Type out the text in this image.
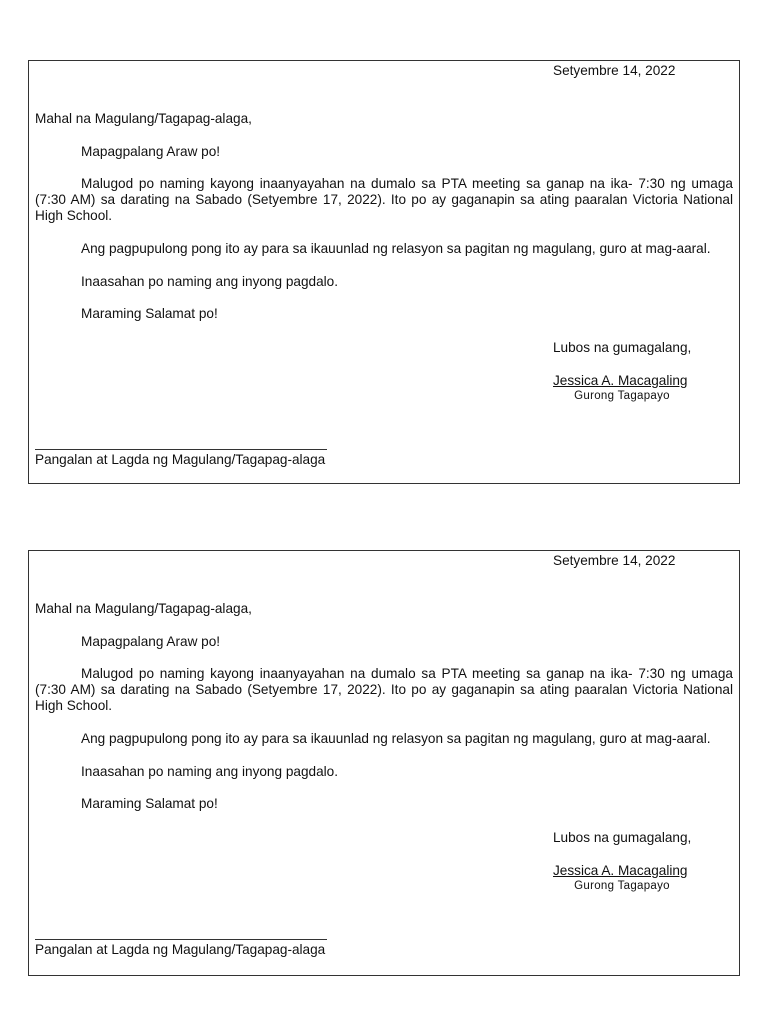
Setyembre 14, 2022
Mahal na Magulang/Tagapag-alaga,
Mapagpalang Araw po!
Malugod po naming kayong inaanyayahan na dumalo sa PTA meeting sa ganap na ika- 7:30 ng umaga (7:30 AM) sa darating na Sabado (Setyembre 17, 2022). Ito po ay gaganapin sa ating paaralan Victoria National High School.
Ang pagpupulong pong ito ay para sa ikauunlad ng relasyon sa pagitan ng magulang, guro at mag-aaral.
Inaasahan po naming ang inyong pagdalo.
Maraming Salamat po!
Lubos na gumagalang,
Jessica A. Macagaling
Gurong Tagapayo
Pangalan at Lagda ng Magulang/Tagapag-alaga
Setyembre 14, 2022
Mahal na Magulang/Tagapag-alaga,
Mapagpalang Araw po!
Malugod po naming kayong inaanyayahan na dumalo sa PTA meeting sa ganap na ika- 7:30 ng umaga (7:30 AM) sa darating na Sabado (Setyembre 17, 2022). Ito po ay gaganapin sa ating paaralan Victoria National High School.
Ang pagpupulong pong ito ay para sa ikauunlad ng relasyon sa pagitan ng magulang, guro at mag-aaral.
Inaasahan po naming ang inyong pagdalo.
Maraming Salamat po!
Lubos na gumagalang,
Jessica A. Macagaling
Gurong Tagapayo
Pangalan at Lagda ng Magulang/Tagapag-alaga
